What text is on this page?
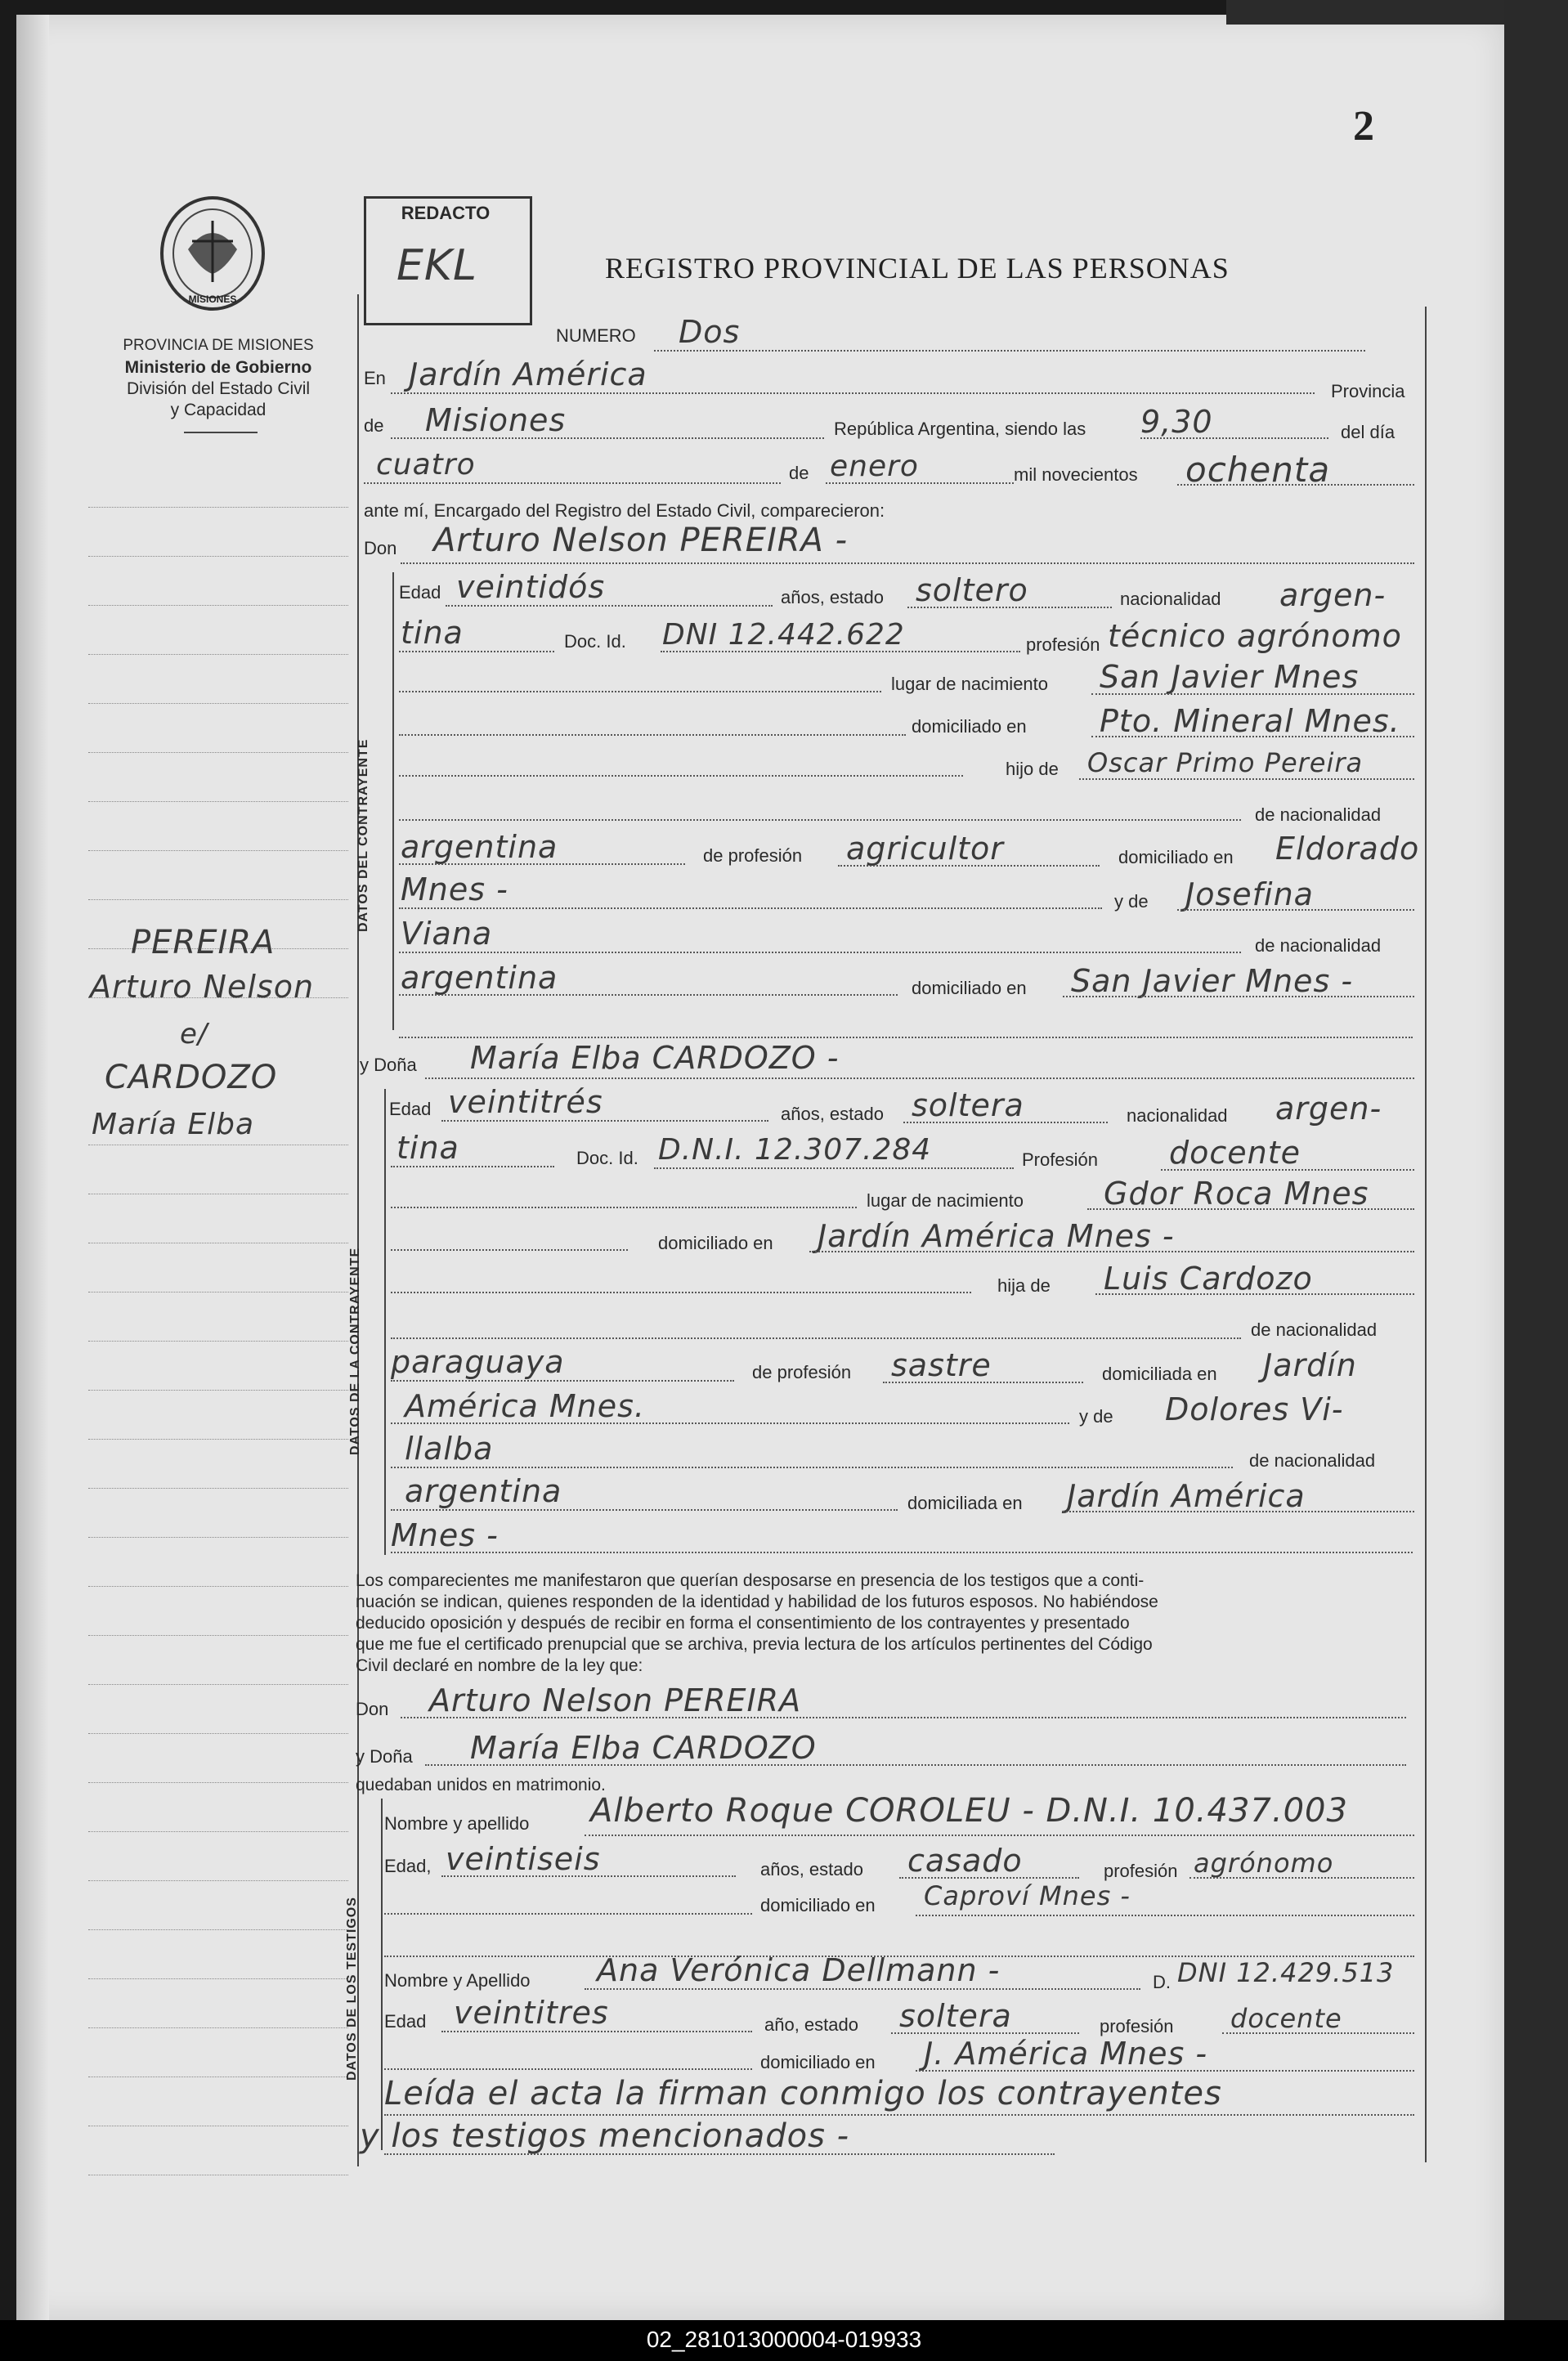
2
MISIONES
PROVINCIA DE MISIONES
Ministerio de Gobierno
División del Estado Civil
y Capacidad
PEREIRA
Arturo Nelson
e/
CARDOZO
María Elba
REDACTO
EKL	REGISTRO PROVINCIAL DE LAS PERSONAS
NUMERO Dos
En Jardín América	Provincia
de Misiones	República Argentina, siendo las 9,30	del día
cuatro	de enero	mil novecientos ochenta
ante mí, Encargado del Registro del Estado Civil, comparecieron:
Don Arturo Nelson PEREIRA -
DATOS DEL CONTRAYENTE
Edad veintidós	años, estado soltero	nacionalidad argen-
tina	Doc. Id. DNI 12.442.622	profesión técnico agrónomo
lugar de nacimiento San Javier Mnes
domiciliado en Pto. Mineral Mnes.
hijo de Oscar Primo Pereira
de nacionalidad
argentina	de profesión agricultor	domiciliado en Eldorado
Mnes -	y de Josefina
Viana	de nacionalidad
argentina	domiciliado en San Javier Mnes -
y Doña María Elba CARDOZO -
DATOS DE LA CONTRAYENTE
Edad veintitrés	años, estado soltera	nacionalidad argen-
tina	Doc. Id. D.N.I. 12.307.284	Profesión docente
lugar de nacimiento	Gdor Roca Mnes
domiciliado en Jardín América Mnes -
hija de Luis Cardozo
de nacionalidad
paraguaya	de profesión sastre	domiciliada en Jardín
América Mnes.	y de Dolores Vi-
llalba	de nacionalidad
argentina	domiciliada en Jardín América
Mnes -
Los comparecientes me manifestaron que querían desposarse en presencia de los testigos que a conti-
nuación se indican, quienes responden de la identidad y habilidad de los futuros esposos. No habiéndose
deducido oposición y después de recibir en forma el consentimiento de los contrayentes y presentado
que me fue el certificado prenupcial que se archiva, previa lectura de los artículos pertinentes del Código
Civil declaré en nombre de la ley que:
Don Arturo Nelson PEREIRA
y Doña María Elba CARDOZO
quedaban unidos en matrimonio.
DATOS DE LOS TESTIGOS
Nombre y apellido Alberto Roque COROLEU - D.N.I. 10.437.003
Edad, veintiseis	años, estado casado	profesión agrónomo
domiciliado en Caproví Mnes -
Nombre y Apellido Ana Verónica Dellmann -	D. DNI 12.429.513
Edad veintitres	año, estado soltera	profesión docente
domiciliado en J. América Mnes -
Leída el acta la firman conmigo los contrayentes
y los testigos mencionados -
02_281013000004-019933
